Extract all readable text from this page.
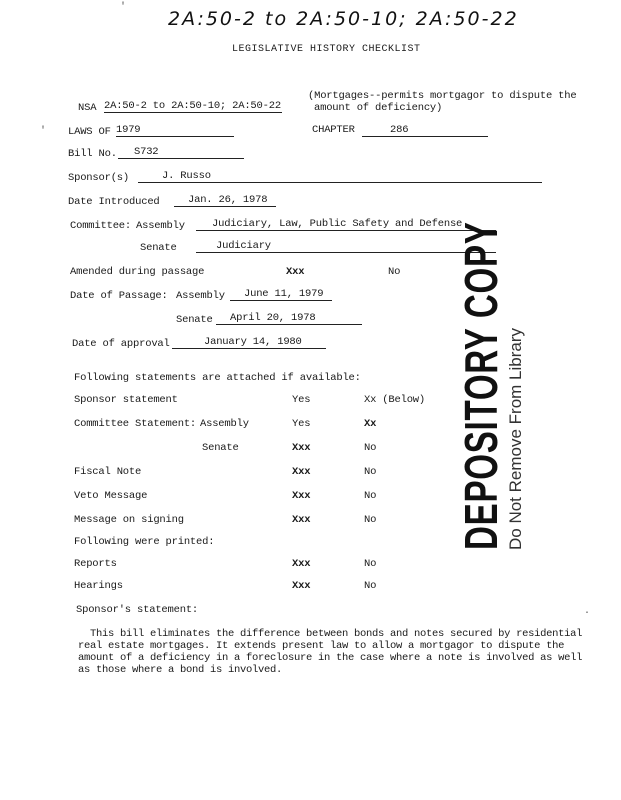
2A:50-2 to 2A:50-10; 2A:50-22
LEGISLATIVE HISTORY CHECKLIST
NSA 2A:50-2 to 2A:50-10; 2A:50-22
(Mortgages--permits mortgagor to dispute the
amount of deficiency)
LAWS OF 1979	CHAPTER	286
Bill No.	S732
Sponsor(s)	J. Russo
Date Introduced	Jan. 26, 1978
Committee: Assembly	Judiciary, Law, Public Safety and Defense
Senate	Judiciary
Amended during passage	Xxx	No
Date of Passage: Assembly	June 11, 1979
Senate	April 20, 1978
Date of approval	January 14, 1980
Following statements are attached if available:
Sponsor statement	Yes	Xx (Below)
Committee Statement: Assembly	Yes	Xx
Senate	Xxx	No
Fiscal Note	Xxx	No
Veto Message	Xxx	No
Message on signing	Xxx	No
Following were printed:
Reports	Xxx	No
Hearings	Xxx	No
Sponsor's statement:
This bill eliminates the difference between bonds and notes secured by residential
real estate mortgages. It extends present law to allow a mortgagor to dispute the
amount of a deficiency in a foreclosure in the case where a note is involved as well
as those where a bond is involved.
DEPOSITORY COPY Do Not Remove From Library
'
.
'
